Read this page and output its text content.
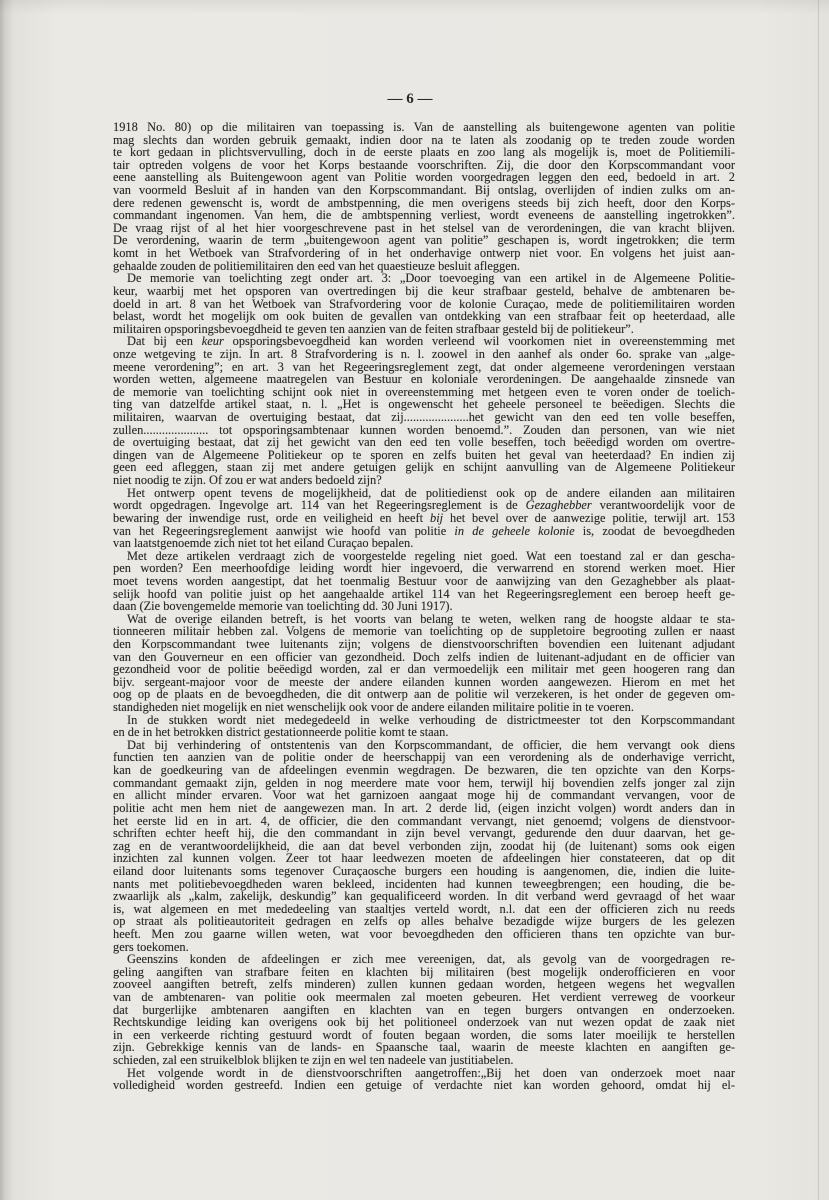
— 6 —
1918 No. 80) op die militairen van toepassing is. Van de aanstelling als buitengewone agenten van politie
mag slechts dan worden gebruik gemaakt, indien door na te laten als zoodanig op te treden zoude worden
te kort gedaan in plichtsvervulling, doch in de eerste plaats en zoo lang als mogelijk is, moet de Politiemili-
tair optreden volgens de voor het Korps bestaande voorschriften. Zij, die door den Korpscommandant voor
eene aanstelling als Buitengewoon agent van Politie worden voorgedragen leggen den eed, bedoeld in art. 2
van voormeld Besluit af in handen van den Korpscommandant. Bij ontslag, overlijden of indien zulks om an-
dere redenen gewenscht is, wordt de ambstpenning, die men overigens steeds bij zich heeft, door den Korps-
commandant ingenomen. Van hem, die de ambtspenning verliest, wordt eveneens de aanstelling ingetrokken”.
De vraag rijst of al het hier voorgeschrevene past in het stelsel van de verordeningen, die van kracht blijven.
De verordening, waarin de term „buitengewoon agent van politie” geschapen is, wordt ingetrokken; die term
komt in het Wetboek van Strafvordering of in het onderhavige ontwerp niet voor. En volgens het juist aan-
gehaalde zouden de politiemilitairen den eed van het quaestieuze besluit afleggen.
De memorie van toelichting zegt onder art. 3: „Door toevoeging van een artikel in de Algemeene Politie-
keur, waarbij met het opsporen van overtredingen bij die keur strafbaar gesteld, behalve de ambtenaren be-
doeld in art. 8 van het Wetboek van Strafvordering voor de kolonie Curaçao, mede de politiemilitairen worden
belast, wordt het mogelijk om ook buiten de gevallen van ontdekking van een strafbaar feit op heeterdaad, alle
militairen opsporingsbevoegdheid te geven ten aanzien van de feiten strafbaar gesteld bij de politiekeur”.
Dat bij een keur opsporingsbevoegdheid kan worden verleend wil voorkomen niet in overeenstemming met
onze wetgeving te zijn. In art. 8 Strafvordering is n. l. zoowel in den aanhef als onder 6o. sprake van „alge-
meene verordening”; en art. 3 van het Regeeringsreglement zegt, dat onder algemeene verordeningen verstaan
worden wetten, algemeene maatregelen van Bestuur en koloniale verordeningen. De aangehaalde zinsnede van
de memorie van toelichting schijnt ook niet in overeenstemming met hetgeen even te voren onder de toelich-
ting van datzelfde artikel staat, n. l. „Het is ongewenscht het geheele personeel te beëedigen. Slechts die
militairen, waarvan de overtuiging bestaat, dat zij.....................het gewicht van den eed ten volle beseffen,
zullen..................... tot opsporingsambtenaar kunnen worden benoemd.”. Zouden dan personen, van wie niet
de overtuiging bestaat, dat zij het gewicht van den eed ten volle beseffen, toch beëedigd worden om overtre-
dingen van de Algemeene Politiekeur op te sporen en zelfs buiten het geval van heeterdaad? En indien zij
geen eed afleggen, staan zij met andere getuigen gelijk en schijnt aanvulling van de Algemeene Politiekeur
niet noodig te zijn. Of zou er wat anders bedoeld zijn?
Het ontwerp opent tevens de mogelijkheid, dat de politiedienst ook op de andere eilanden aan militairen
wordt opgedragen. Ingevolge art. 114 van het Regeeringsreglement is de Gezaghebber verantwoordelijk voor de
bewaring der inwendige rust, orde en veiligheid en heeft bij het bevel over de aanwezige politie, terwijl art. 153
van het Regeeringsreglement aanwijst wie hoofd van politie in de geheele kolonie is, zoodat de bevoegdheden
van laatstgenoemde zich niet tot het eiland Curaçao bepalen.
Met deze artikelen verdraagt zich de voorgestelde regeling niet goed. Wat een toestand zal er dan gescha-
pen worden? Een meerhoofdige leiding wordt hier ingevoerd, die verwarrend en storend werken moet. Hier
moet tevens worden aangestipt, dat het toenmalig Bestuur voor de aanwijzing van den Gezaghebber als plaat-
selijk hoofd van politie juist op het aangehaalde artikel 114 van het Regeeringsreglement een beroep heeft ge-
daan (Zie bovengemelde memorie van toelichting dd. 30 Juni 1917).
Wat de overige eilanden betreft, is het voorts van belang te weten, welken rang de hoogste aldaar te sta-
tionneeren militair hebben zal. Volgens de memorie van toelichting op de suppletoire begrooting zullen er naast
den Korpscommandant twee luitenants zijn; volgens de dienstvoorschriften bovendien een luitenant adjudant
van den Gouverneur en een officier van gezondheid. Doch zelfs indien de luitenant-adjudant en de officier van
gezondheid voor de politie beëedigd worden, zal er dan vermoedelijk een militair met geen hoogeren rang dan
bijv. sergeant-majoor voor de meeste der andere eilanden kunnen worden aangewezen. Hierom en met het
oog op de plaats en de bevoegdheden, die dit ontwerp aan de politie wil verzekeren, is het onder de gegeven om-
standigheden niet mogelijk en niet wenschelijk ook voor de andere eilanden militaire politie in te voeren.
In de stukken wordt niet medegedeeld in welke verhouding de districtmeester tot den Korpscommandant
en de in het betrokken district gestationneerde politie komt te staan.
Dat bij verhindering of ontstentenis van den Korpscommandant, de officier, die hem vervangt ook diens
functien ten aanzien van de politie onder de heerschappij van een verordening als de onderhavige verricht,
kan de goedkeuring van de afdeelingen evenmin wegdragen. De bezwaren, die ten opzichte van den Korps-
commandant gemaakt zijn, gelden in nog meerdere mate voor hem, terwijl hij bovendien zelfs jonger zal zijn
en allicht minder ervaren. Voor wat het garnizoen aangaat moge hij de commandant vervangen, voor de
politie acht men hem niet de aangewezen man. In art. 2 derde lid, (eigen inzicht volgen) wordt anders dan in
het eerste lid en in art. 4, de officier, die den commandant vervangt, niet genoemd; volgens de dienstvoor-
schriften echter heeft hij, die den commandant in zijn bevel vervangt, gedurende den duur daarvan, het ge-
zag en de verantwoordelijkheid, die aan dat bevel verbonden zijn, zoodat hij (de luitenant) soms ook eigen
inzichten zal kunnen volgen. Zeer tot haar leedwezen moeten de afdeelingen hier constateeren, dat op dit
eiland door luitenants soms tegenover Curaçaosche burgers een houding is aangenomen, die, indien die luite-
nants met politiebevoegdheden waren bekleed, incidenten had kunnen teweegbrengen; een houding, die be-
zwaarlijk als „kalm, zakelijk, deskundig” kan gequalificeerd worden. In dit verband werd gevraagd of het waar
is, wat algemeen en met mededeeling van staaltjes verteld wordt, n.l. dat een der officieren zich nu reeds
op straat als politieautoriteit gedragen en zelfs op alles behalve bezadigde wijze burgers de les gelezen
heeft. Men zou gaarne willen weten, wat voor bevoegdheden den officieren thans ten opzichte van bur-
gers toekomen.
Geenszins konden de afdeelingen er zich mee vereenigen, dat, als gevolg van de voorgedragen re-
geling aangiften van strafbare feiten en klachten bij militairen (best mogelijk onderofficieren en voor
zooveel aangiften betreft, zelfs minderen) zullen kunnen gedaan worden, hetgeen wegens het wegvallen
van de ambtenaren- van politie ook meermalen zal moeten gebeuren. Het verdient verreweg de voorkeur
dat burgerlijke ambtenaren aangiften en klachten van en tegen burgers ontvangen en onderzoeken.
Rechtskundige leiding kan overigens ook bij het politioneel onderzoek van nut wezen opdat de zaak niet
in een verkeerde richting gestuurd wordt of fouten begaan worden, die soms later moeilijk te herstellen
zijn. Gebrekkige kennis van de lands- en Spaansche taal, waarin de meeste klachten en aangiften ge-
schieden, zal een struikelblok blijken te zijn en wel ten nadeele van justitiabelen.
Het volgende wordt in de dienstvoorschriften aangetroffen:„Bij het doen van onderzoek moet naar
volledigheid worden gestreefd. Indien een getuige of verdachte niet kan worden gehoord, omdat hij el-
